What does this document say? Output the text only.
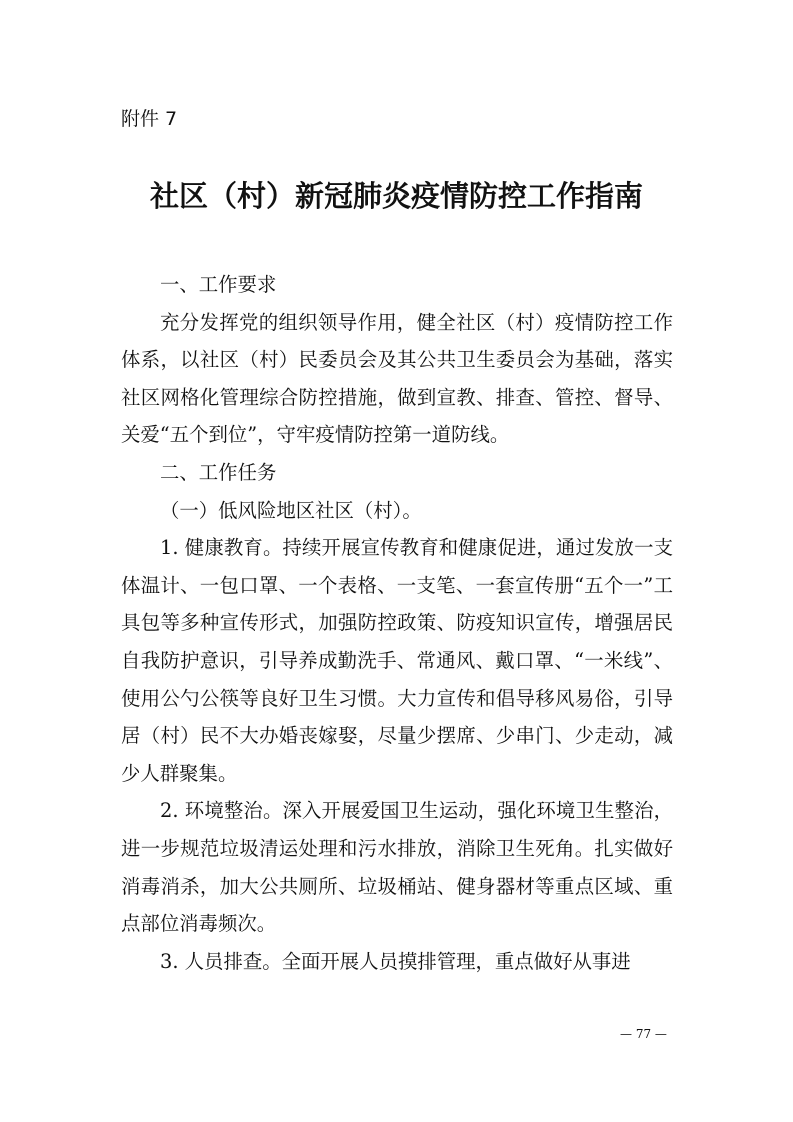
附件 7
社区（村）新冠肺炎疫情防控工作指南

一、工作要求

充分发挥党的组织领导作用，健全社区（村）疫情防控工作体系，以社区（村）民委员会及其公共卫生委员会为基础，落实社区网格化管理综合防控措施，做到宣教、排查、管控、督导、关爱“五个到位”，守牢疫情防控第一道防线。

二、工作任务

（一）低风险地区社区（村）。

1. 健康教育。持续开展宣传教育和健康促进，通过发放一支体温计、一包口罩、一个表格、一支笔、一套宣传册“五个一”工具包等多种宣传形式，加强防控政策、防疫知识宣传，增强居民自我防护意识，引导养成勤洗手、常通风、戴口罩、“一米线”、使用公勺公筷等良好卫生习惯。大力宣传和倡导移风易俗，引导居（村）民不大办婚丧嫁娶，尽量少摆席、少串门、少走动，减少人群聚集。

2. 环境整治。深入开展爱国卫生运动，强化环境卫生整治，进一步规范垃圾清运处理和污水排放，消除卫生死角。扎实做好消毒消杀，加大公共厕所、垃圾桶站、健身器材等重点区域、重点部位消毒频次。

3. 人员排查。全面开展人员摸排管理，重点做好从事进

— 77 —
